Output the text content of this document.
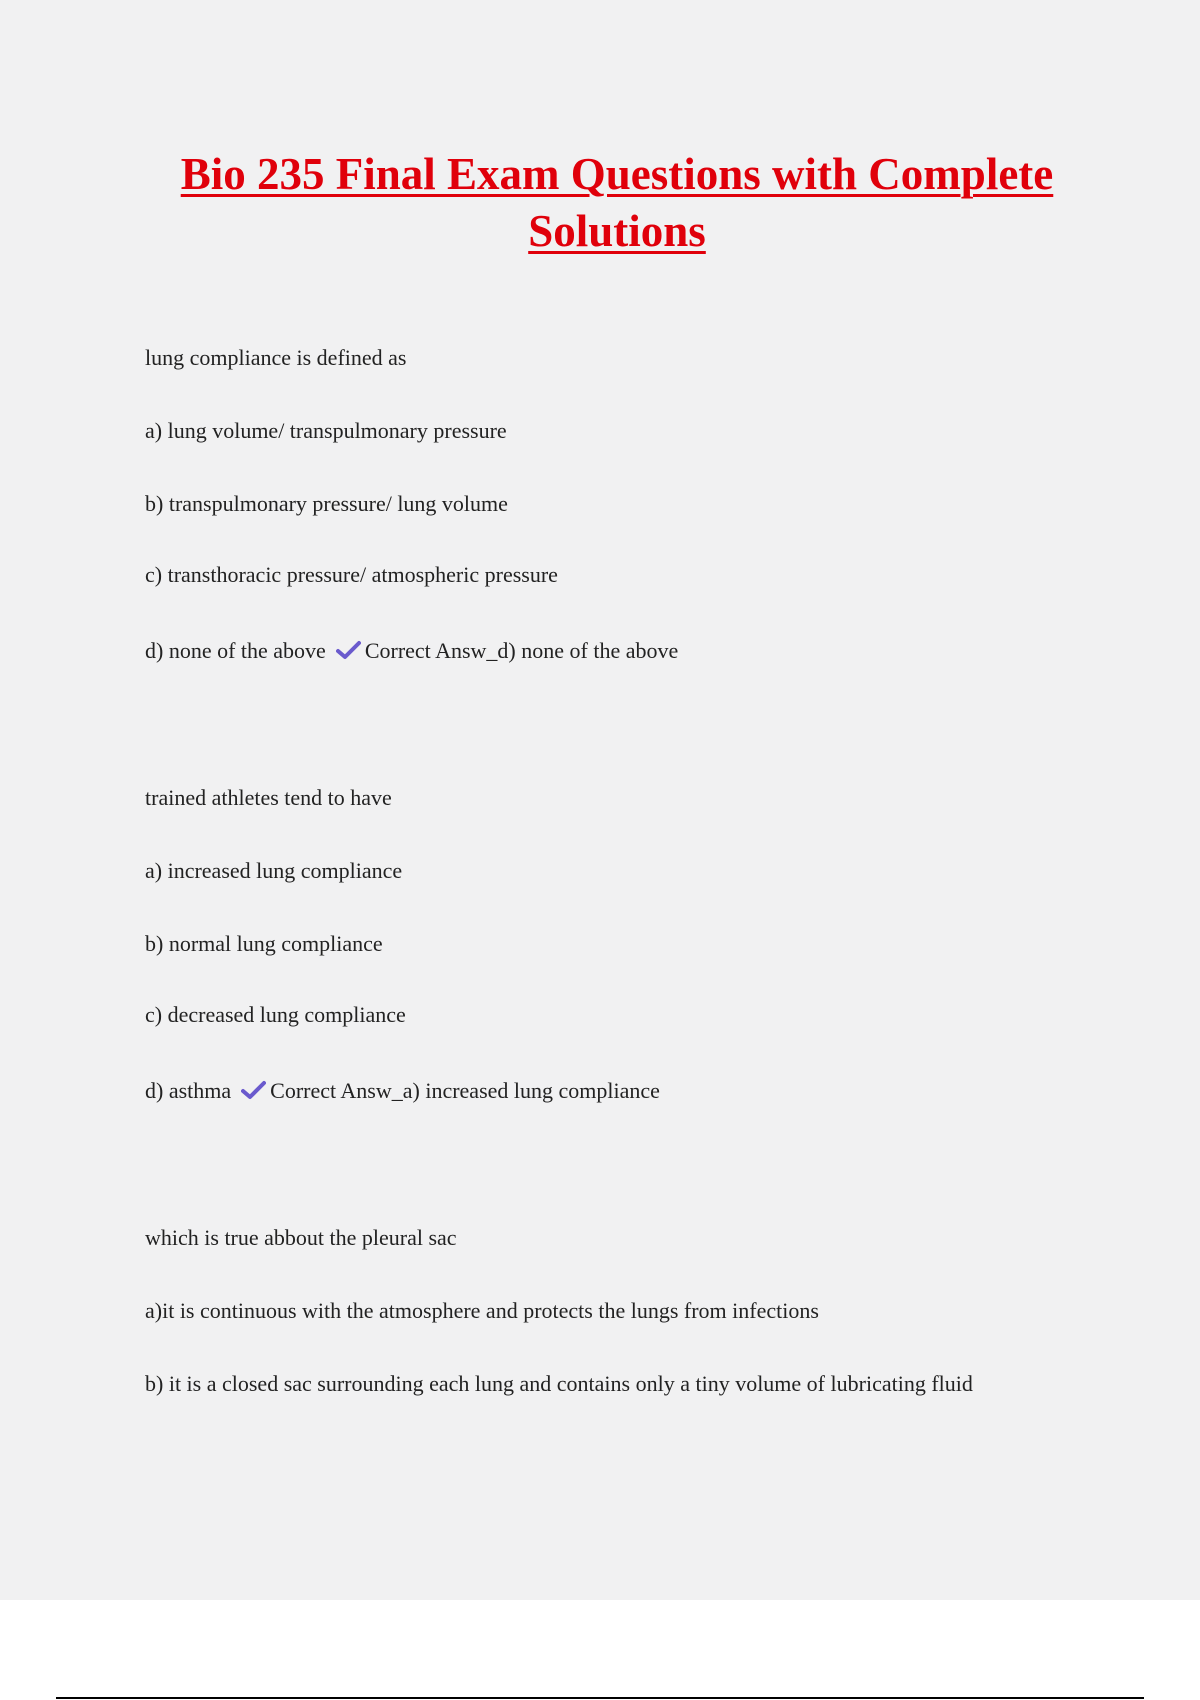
Bio 235 Final Exam Questions with Complete Solutions
lung compliance is defined as
a) lung volume/ transpulmonary pressure
b) transpulmonary pressure/ lung volume
c) transthoracic pressure/ atmospheric pressure
d) none of the above Correct Answ_d) none of the above
trained athletes tend to have
a) increased lung compliance
b) normal lung compliance
c) decreased lung compliance
d) asthma Correct Answ_a) increased lung compliance
which is true abbout the pleural sac
a)it is continuous with the atmosphere and protects the lungs from infections
b) it is a closed sac surrounding each lung and contains only a tiny volume of lubricating fluid
